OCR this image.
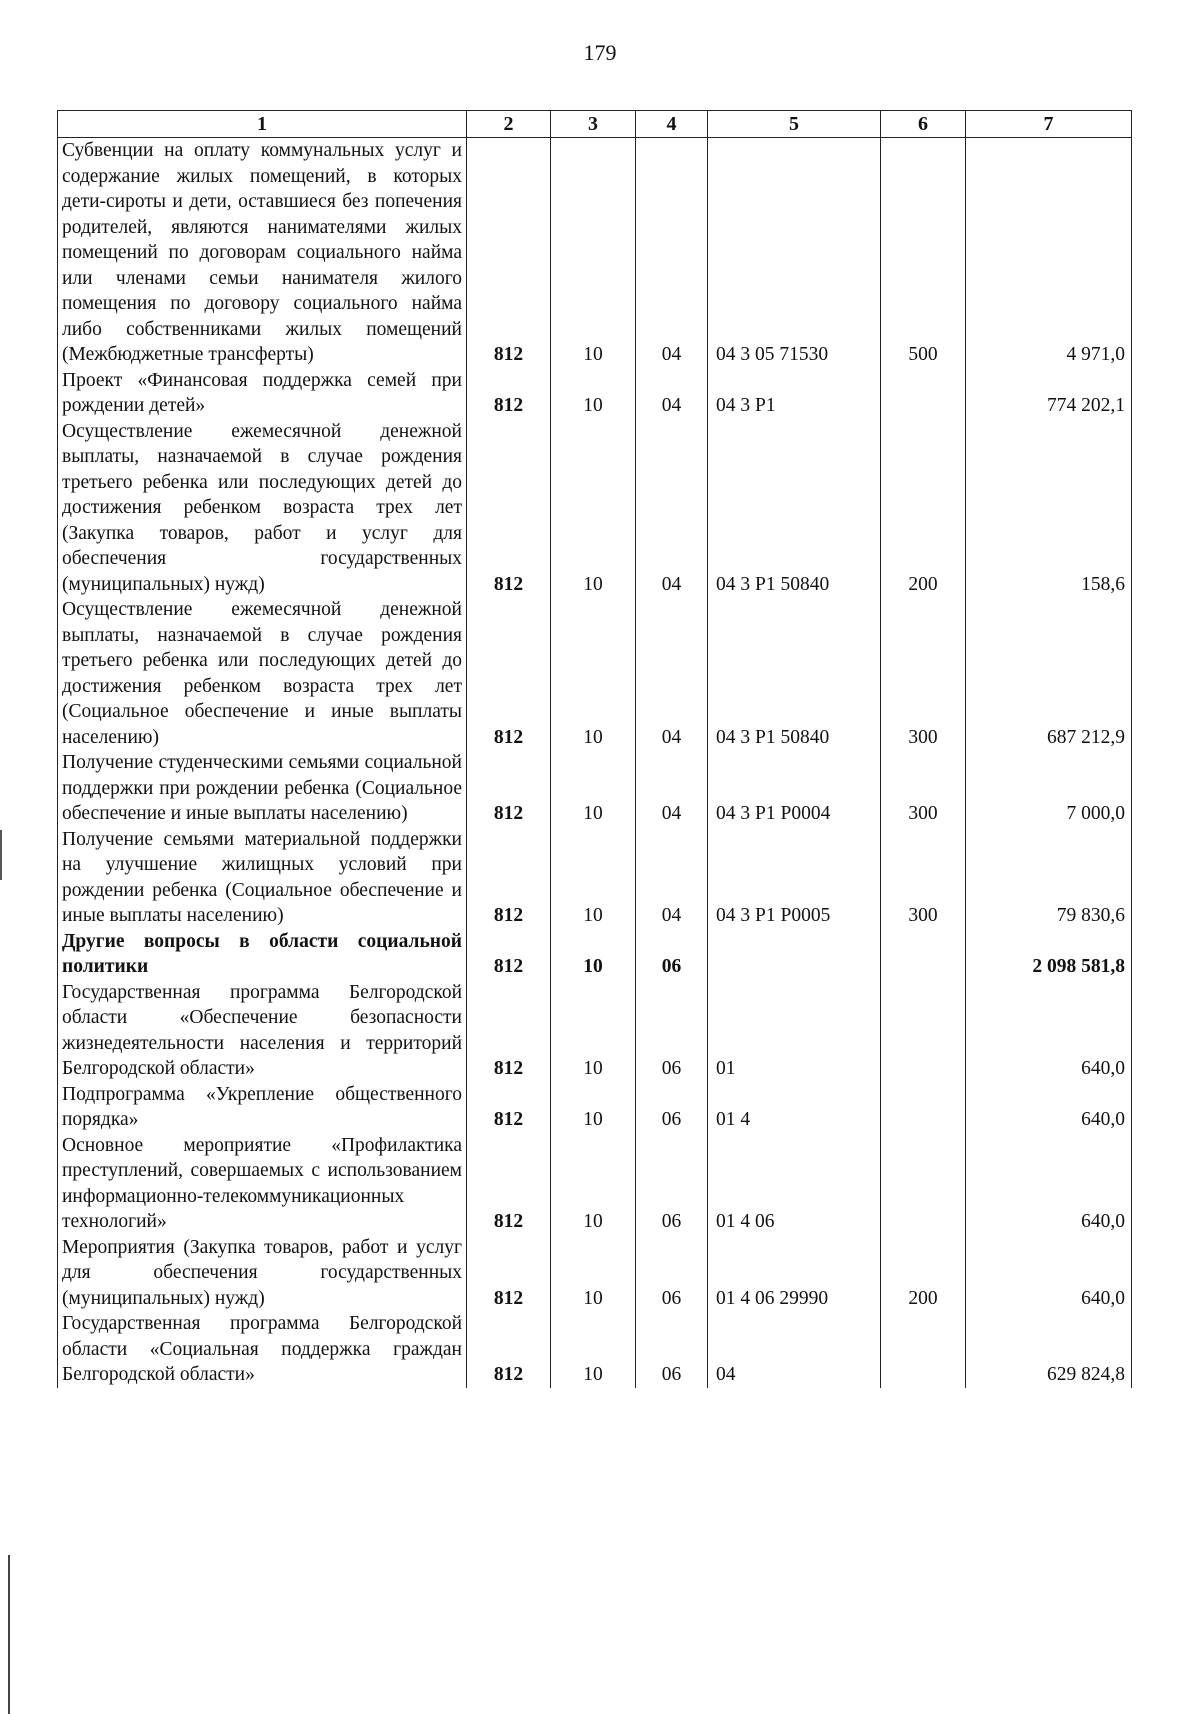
179
1	2	3	4	5	6	7
Субвенции на оплату коммунальных услуг и содержание жилых помещений, в которых дети-сироты и дети, оставшиеся без попечения родителей, являются нанимателями жилых помещений по договорам социального найма или членами семьи нанимателя жилого помещения по договору социального найма либо собственниками жилых помещений (Межбюджетные трансферты)	812	10	04	04 3 05 71530	500	4 971,0
Проект «Финансовая поддержка семей при рождении детей»	812	10	04	04 3 P1		774 202,1
Осуществление ежемесячной денежной выплаты, назначаемой в случае рождения третьего ребенка или последующих детей до достижения ребенком возраста трех лет (Закупка товаров, работ и услуг для обеспечения государственных (муниципальных) нужд)	812	10	04	04 3 P1 50840	200	158,6
Осуществление ежемесячной денежной выплаты, назначаемой в случае рождения третьего ребенка или последующих детей до достижения ребенком возраста трех лет (Социальное обеспечение и иные выплаты населению)	812	10	04	04 3 P1 50840	300	687 212,9
Получение студенческими семьями социальной поддержки при рождении ребенка (Социальное обеспечение и иные выплаты населению)	812	10	04	04 3 P1 P0004	300	7 000,0
Получение семьями материальной поддержки на улучшение жилищных условий при рождении ребенка (Социальное обеспечение и иные выплаты населению)	812	10	04	04 3 P1 P0005	300	79 830,6
Другие вопросы в области социальной политики	812	10	06			2 098 581,8
Государственная программа Белгородской области «Обеспечение безопасности жизнедеятельности населения и территорий Белгородской области»	812	10	06	01		640,0
Подпрограмма «Укрепление общественного порядка»	812	10	06	01 4		640,0
Основное мероприятие «Профилактика преступлений, совершаемых с использованием информационно-телекоммуникационных технологий»	812	10	06	01 4 06		640,0
Мероприятия (Закупка товаров, работ и услуг для обеспечения государственных (муниципальных) нужд)	812	10	06	01 4 06 29990	200	640,0
Государственная программа Белгородской области «Социальная поддержка граждан Белгородской области»	812	10	06	04		629 824,8
